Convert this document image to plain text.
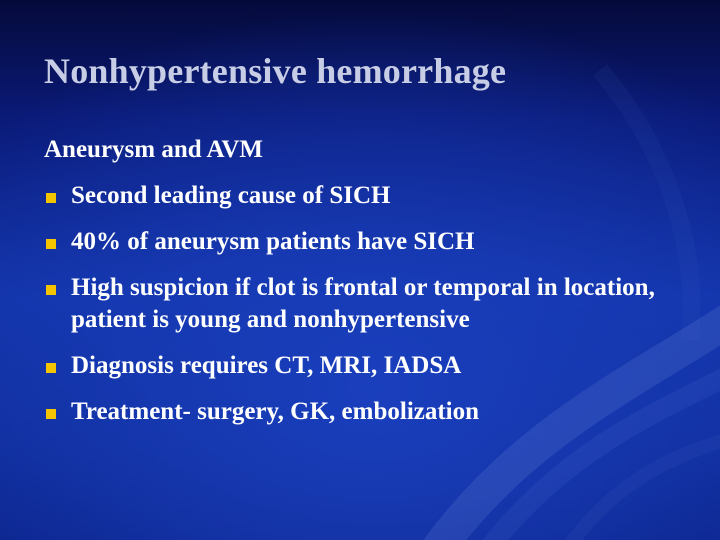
Nonhypertensive hemorrhage

Aneurysm and AVM

Second leading cause of SICH
40% of aneurysm patients have SICH
High suspicion if clot is frontal or temporal in location, patient is young and nonhypertensive
Diagnosis requires CT, MRI, IADSA
Treatment- surgery, GK, embolization
